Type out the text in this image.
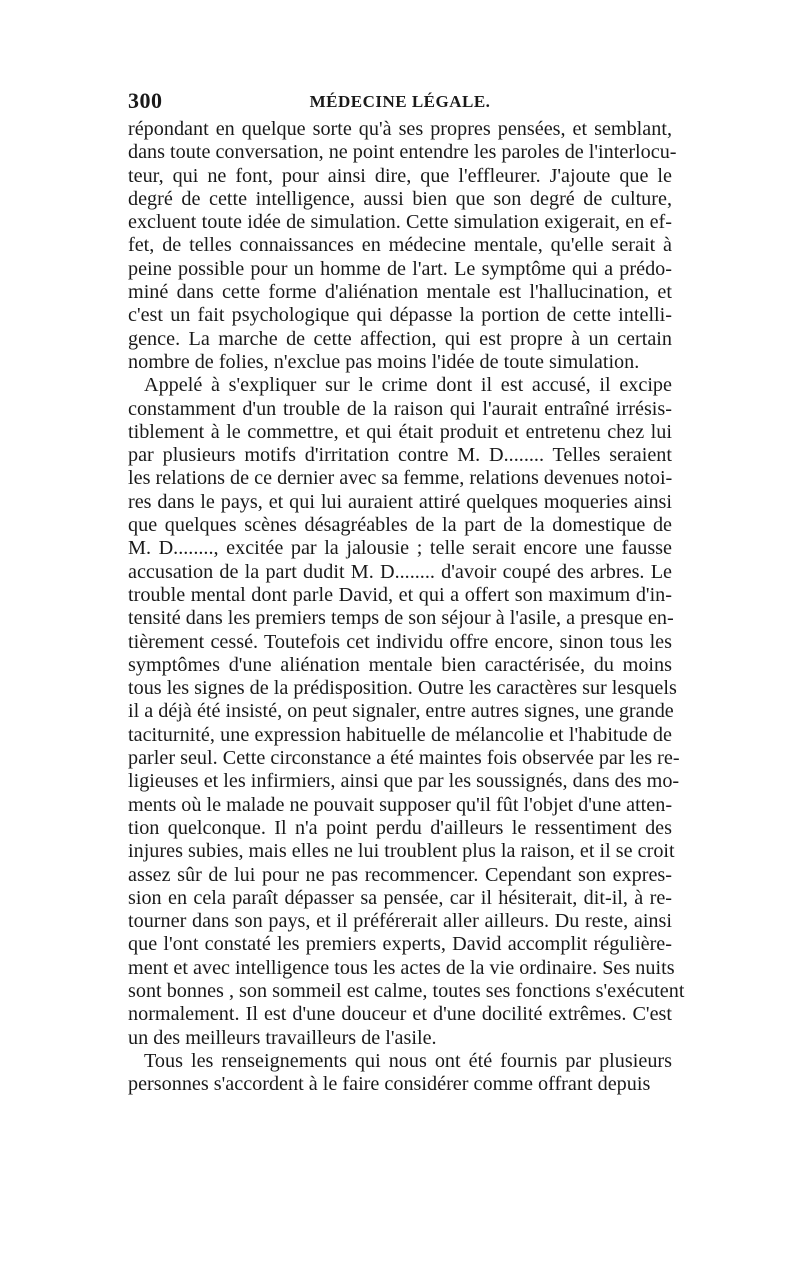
300	MÉDECINE LÉGALE.
répondant en quelque sorte qu'à ses propres pensées, et semblant,
dans toute conversation, ne point entendre les paroles de l'interlocu-
teur, qui ne font, pour ainsi dire, que l'effleurer. J'ajoute que le
degré de cette intelligence, aussi bien que son degré de culture,
excluent toute idée de simulation. Cette simulation exigerait, en ef-
fet, de telles connaissances en médecine mentale, qu'elle serait à
peine possible pour un homme de l'art. Le symptôme qui a prédo-
miné dans cette forme d'aliénation mentale est l'hallucination, et
c'est un fait psychologique qui dépasse la portion de cette intelli-
gence. La marche de cette affection, qui est propre à un certain
nombre de folies, n'exclue pas moins l'idée de toute simulation.
Appelé à s'expliquer sur le crime dont il est accusé, il excipe
constamment d'un trouble de la raison qui l'aurait entraîné irrésis-
tiblement à le commettre, et qui était produit et entretenu chez lui
par plusieurs motifs d'irritation contre M. D........ Telles seraient
les relations de ce dernier avec sa femme, relations devenues notoi-
res dans le pays, et qui lui auraient attiré quelques moqueries ainsi
que quelques scènes désagréables de la part de la domestique de
M. D........, excitée par la jalousie ; telle serait encore une fausse
accusation de la part dudit M. D........ d'avoir coupé des arbres. Le
trouble mental dont parle David, et qui a offert son maximum d'in-
tensité dans les premiers temps de son séjour à l'asile, a presque en-
tièrement cessé. Toutefois cet individu offre encore, sinon tous les
symptômes d'une aliénation mentale bien caractérisée, du moins
tous les signes de la prédisposition. Outre les caractères sur lesquels
il a déjà été insisté, on peut signaler, entre autres signes, une grande
taciturnité, une expression habituelle de mélancolie et l'habitude de
parler seul. Cette circonstance a été maintes fois observée par les re-
ligieuses et les infirmiers, ainsi que par les soussignés, dans des mo-
ments où le malade ne pouvait supposer qu'il fût l'objet d'une atten-
tion quelconque. Il n'a point perdu d'ailleurs le ressentiment des
injures subies, mais elles ne lui troublent plus la raison, et il se croit
assez sûr de lui pour ne pas recommencer. Cependant son expres-
sion en cela paraît dépasser sa pensée, car il hésiterait, dit-il, à re-
tourner dans son pays, et il préférerait aller ailleurs. Du reste, ainsi
que l'ont constaté les premiers experts, David accomplit régulière-
ment et avec intelligence tous les actes de la vie ordinaire. Ses nuits
sont bonnes , son sommeil est calme, toutes ses fonctions s'exécutent
normalement. Il est d'une douceur et d'une docilité extrêmes. C'est
un des meilleurs travailleurs de l'asile.
Tous les renseignements qui nous ont été fournis par plusieurs
personnes s'accordent à le faire considérer comme offrant depuis
